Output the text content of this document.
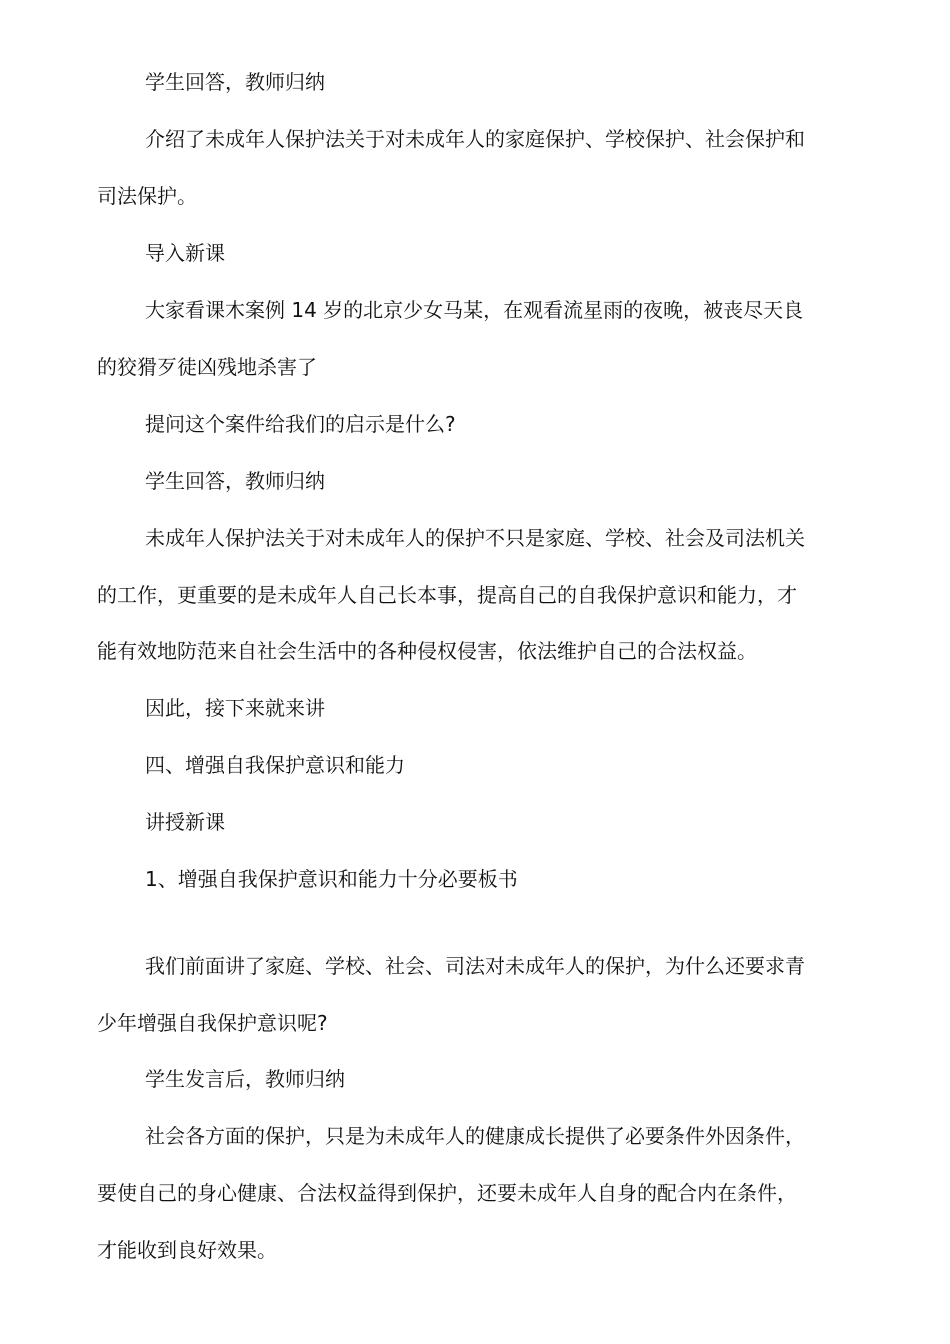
学生回答，教师归纳
介绍了未成年人保护法关于对未成年人的家庭保护、学校保护、社会保护和
司法保护。
导入新课
大家看课木案例 14 岁的北京少女马某，在观看流星雨的夜晚，被丧尽天良
的狡猾歹徒凶残地杀害了
提问这个案件给我们的启示是什么?
学生回答，教师归纳
未成年人保护法关于对未成年人的保护不只是家庭、学校、社会及司法机关
的工作，更重要的是未成年人自己长本事，提高自己的自我保护意识和能力，才
能有效地防范来自社会生活中的各种侵权侵害，依法维护自己的合法权益。
因此，接下来就来讲
四、增强自我保护意识和能力
讲授新课
1、增强自我保护意识和能力十分必要板书
我们前面讲了家庭、学校、社会、司法对未成年人的保护，为什么还要求青
少年增强自我保护意识呢?
学生发言后，教师归纳
社会各方面的保护，只是为未成年人的健康成长提供了必要条件外因条件，
要使自己的身心健康、合法权益得到保护，还要未成年人自身的配合内在条件，
才能收到良好效果。
